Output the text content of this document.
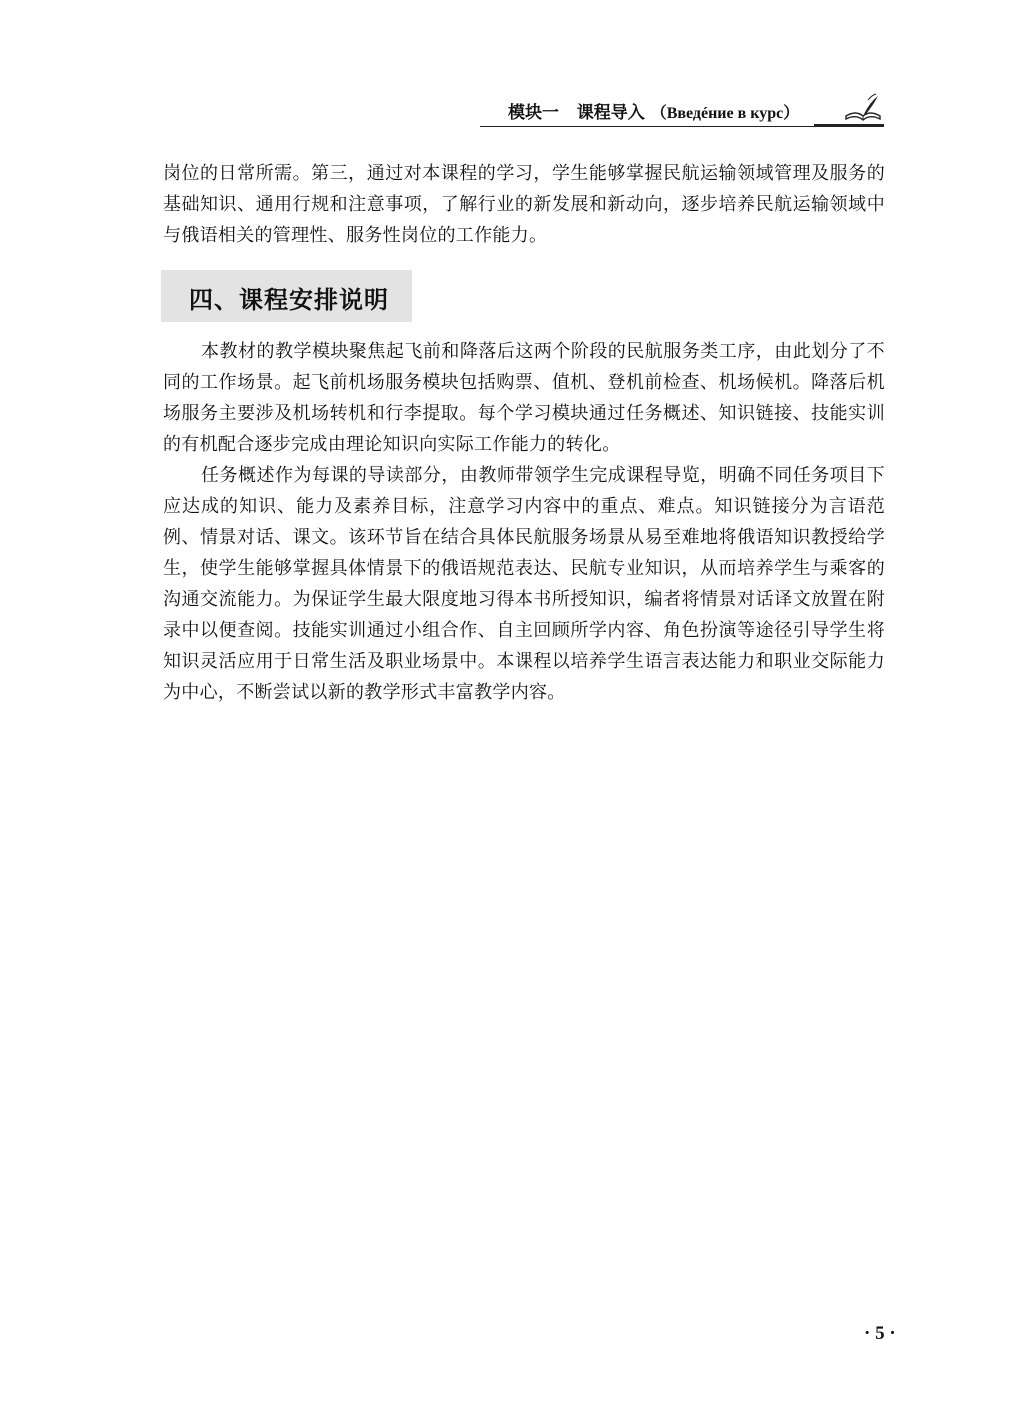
模块一 课程导入 （Введéние в курс）

岗位的日常所需。第三，通过对本课程的学习，学生能够掌握民航运输领域管理及服务的基础知识、通用行规和注意事项，了解行业的新发展和新动向，逐步培养民航运输领域中与俄语相关的管理性、服务性岗位的工作能力。

四、课程安排说明

本教材的教学模块聚焦起飞前和降落后这两个阶段的民航服务类工序，由此划分了不同的工作场景。起飞前机场服务模块包括购票、值机、登机前检查、机场候机。降落后机场服务主要涉及机场转机和行李提取。每个学习模块通过任务概述、知识链接、技能实训的有机配合逐步完成由理论知识向实际工作能力的转化。

任务概述作为每课的导读部分，由教师带领学生完成课程导览，明确不同任务项目下应达成的知识、能力及素养目标，注意学习内容中的重点、难点。知识链接分为言语范例、情景对话、课文。该环节旨在结合具体民航服务场景从易至难地将俄语知识教授给学生，使学生能够掌握具体情景下的俄语规范表达、民航专业知识，从而培养学生与乘客的沟通交流能力。为保证学生最大限度地习得本书所授知识，编者将情景对话译文放置在附录中以便查阅。技能实训通过小组合作、自主回顾所学内容、角色扮演等途径引导学生将知识灵活应用于日常生活及职业场景中。本课程以培养学生语言表达能力和职业交际能力为中心，不断尝试以新的教学形式丰富教学内容。

· 5 ·
